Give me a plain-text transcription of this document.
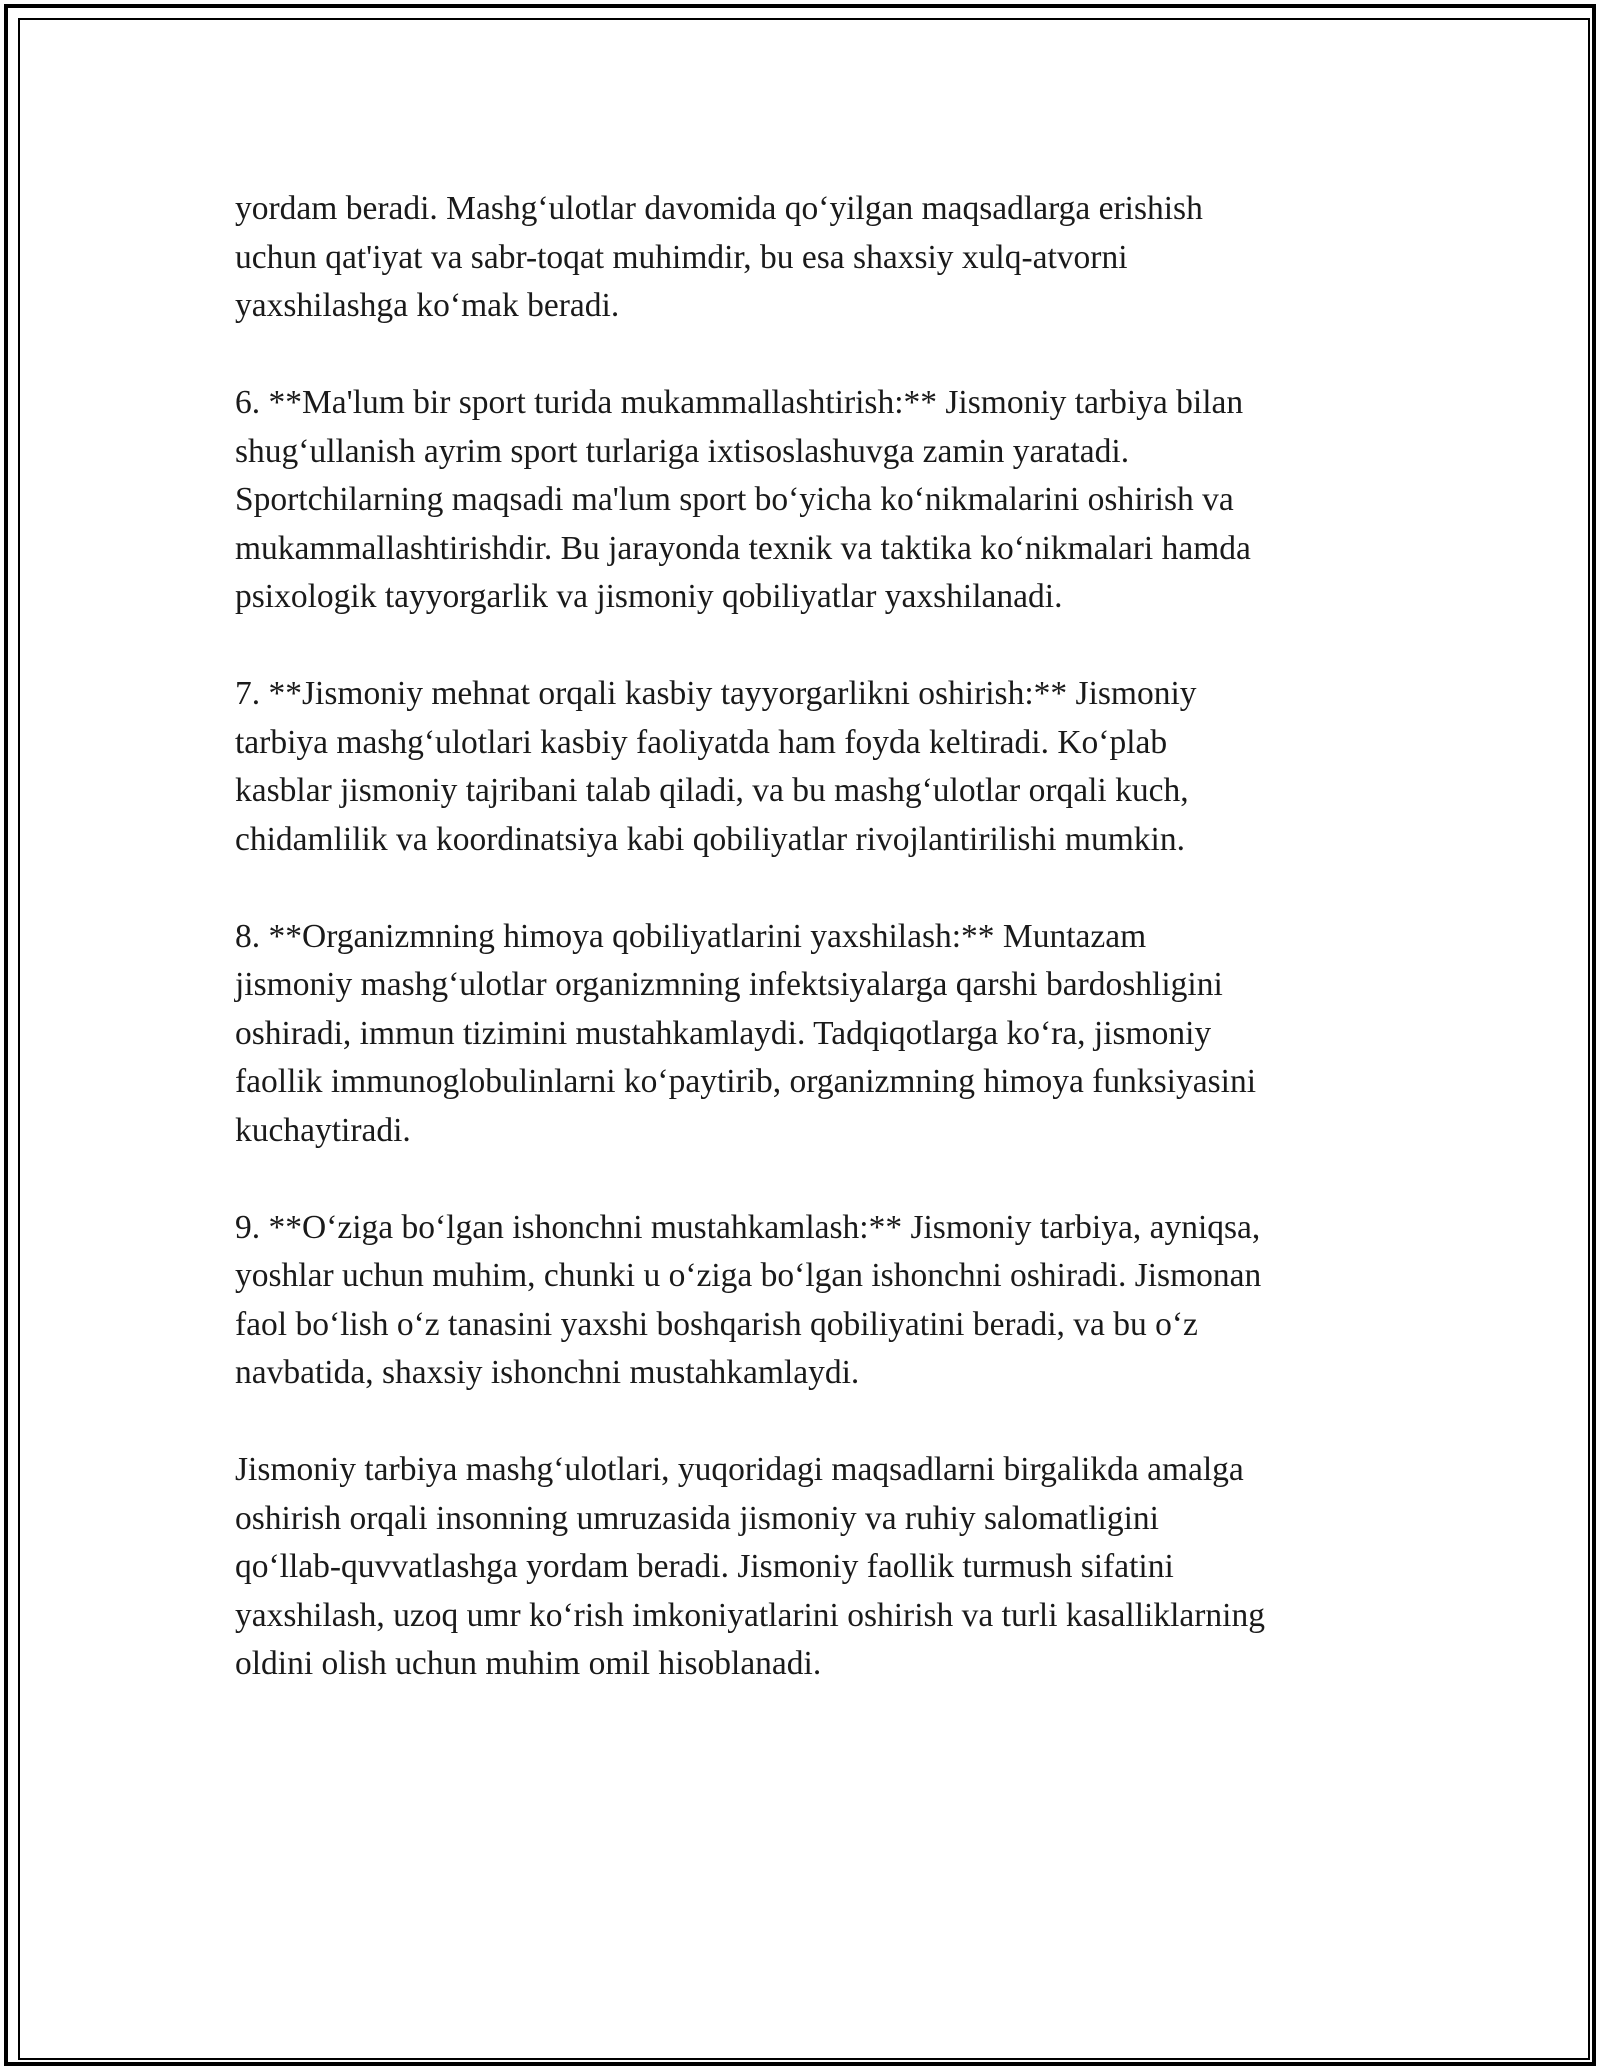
yordam beradi. Mashg‘ulotlar davomida qo‘yilgan maqsadlarga erishish
uchun qat'iyat va sabr-toqat muhimdir, bu esa shaxsiy xulq-atvorni
yaxshilashga ko‘mak beradi.

6. **Ma'lum bir sport turida mukammallashtirish:** Jismoniy tarbiya bilan
shug‘ullanish ayrim sport turlariga ixtisoslashuvga zamin yaratadi.
Sportchilarning maqsadi ma'lum sport bo‘yicha ko‘nikmalarini oshirish va
mukammallashtirishdir. Bu jarayonda texnik va taktika ko‘nikmalari hamda
psixologik tayyorgarlik va jismoniy qobiliyatlar yaxshilanadi.

7. **Jismoniy mehnat orqali kasbiy tayyorgarlikni oshirish:** Jismoniy
tarbiya mashg‘ulotlari kasbiy faoliyatda ham foyda keltiradi. Ko‘plab
kasblar jismoniy tajribani talab qiladi, va bu mashg‘ulotlar orqali kuch,
chidamlilik va koordinatsiya kabi qobiliyatlar rivojlantirilishi mumkin.

8. **Organizmning himoya qobiliyatlarini yaxshilash:** Muntazam
jismoniy mashg‘ulotlar organizmning infektsiyalarga qarshi bardoshligini
oshiradi, immun tizimini mustahkamlaydi. Tadqiqotlarga ko‘ra, jismoniy
faollik immunoglobulinlarni ko‘paytirib, organizmning himoya funksiyasini
kuchaytiradi.

9. **O‘ziga bo‘lgan ishonchni mustahkamlash:** Jismoniy tarbiya, ayniqsa,
yoshlar uchun muhim, chunki u o‘ziga bo‘lgan ishonchni oshiradi. Jismonan
faol bo‘lish o‘z tanasini yaxshi boshqarish qobiliyatini beradi, va bu o‘z
navbatida, shaxsiy ishonchni mustahkamlaydi.

Jismoniy tarbiya mashg‘ulotlari, yuqoridagi maqsadlarni birgalikda amalga
oshirish orqali insonning umruzasida jismoniy va ruhiy salomatligini
qo‘llab-quvvatlashga yordam beradi. Jismoniy faollik turmush sifatini
yaxshilash, uzoq umr ko‘rish imkoniyatlarini oshirish va turli kasalliklarning
oldini olish uchun muhim omil hisoblanadi.
